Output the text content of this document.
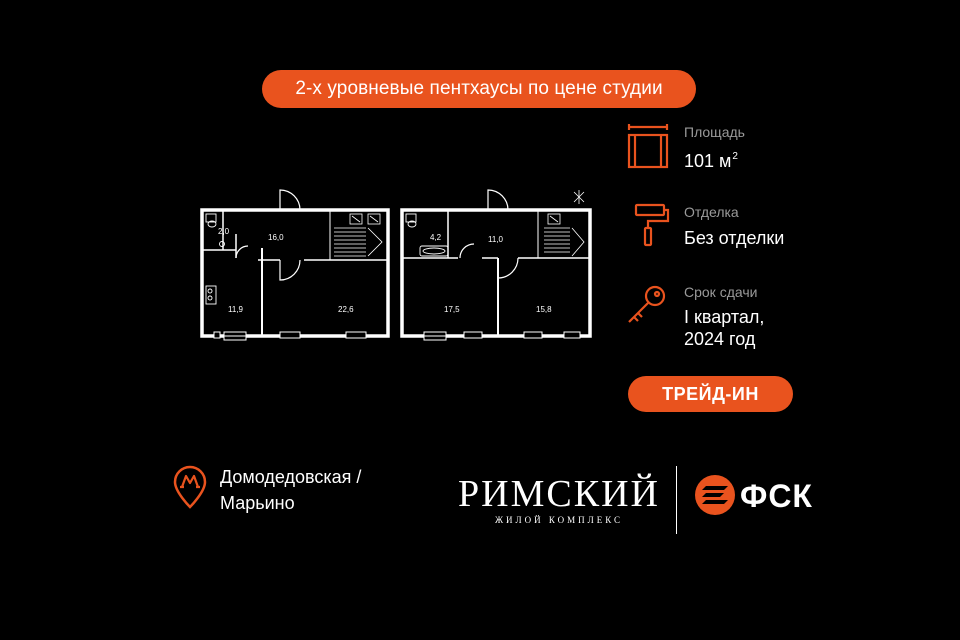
2-х уровневые пентхаусы по цене студии
2,0
16,0
11,9	22,6
4,2	11,0
17,5	15,8
Площадь
101 $м^2$
Отделка
Без отделки
Срок сдачи
I квартал,
2024 год
ТРЕЙД-ИН
Домодедовская /
Марьино	РИМСКИЙ
ЖИЛОЙ КОМПЛЕКС
ФСК
